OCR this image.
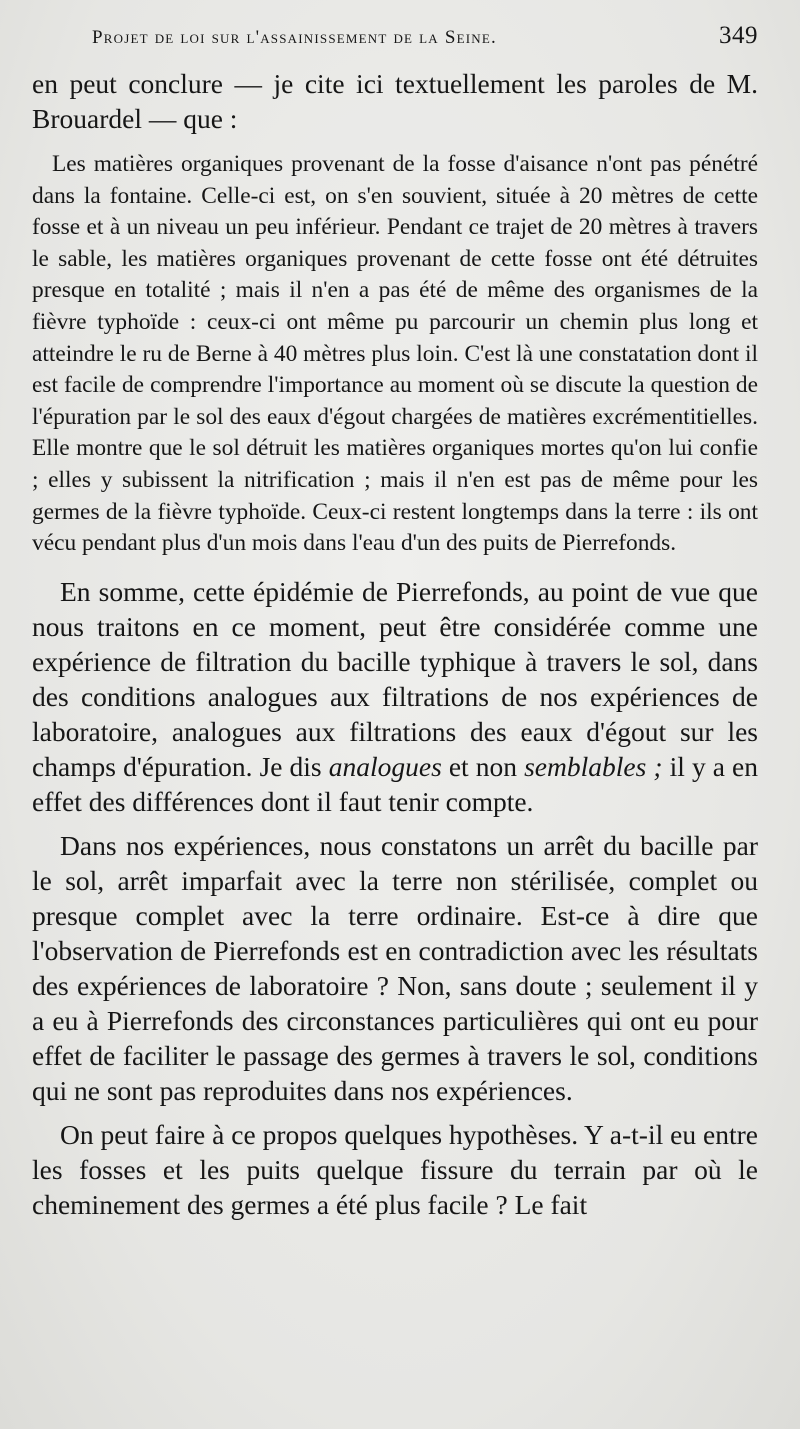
Projet de loi sur l'assainissement de la Seine.	349

en peut conclure — je cite ici textuellement les paroles de M. Brouardel — que :

Les matières organiques provenant de la fosse d'aisance n'ont pas pénétré dans la fontaine. Celle-ci est, on s'en souvient, située à 20 mètres de cette fosse et à un niveau un peu inférieur. Pendant ce trajet de 20 mètres à travers le sable, les matières organiques provenant de cette fosse ont été détruites presque en totalité ; mais il n'en a pas été de même des organismes de la fièvre typhoïde : ceux-ci ont même pu parcourir un chemin plus long et atteindre le ru de Berne à 40 mètres plus loin. C'est là une constatation dont il est facile de comprendre l'importance au moment où se discute la question de l'épuration par le sol des eaux d'égout chargées de matières excrémentitielles. Elle montre que le sol détruit les matières organiques mortes qu'on lui confie ; elles y subissent la nitrification ; mais il n'en est pas de même pour les germes de la fièvre typhoïde. Ceux-ci restent longtemps dans la terre : ils ont vécu pendant plus d'un mois dans l'eau d'un des puits de Pierrefonds.

En somme, cette épidémie de Pierrefonds, au point de vue que nous traitons en ce moment, peut être considérée comme une expérience de filtration du bacille typhique à travers le sol, dans des conditions analogues aux filtrations de nos expériences de laboratoire, analogues aux filtrations des eaux d'égout sur les champs d'épuration. Je dis analogues et non semblables ; il y a en effet des différences dont il faut tenir compte.

Dans nos expériences, nous constatons un arrêt du bacille par le sol, arrêt imparfait avec la terre non stérilisée, complet ou presque complet avec la terre ordinaire. Est-ce à dire que l'observation de Pierrefonds est en contradiction avec les résultats des expériences de laboratoire ? Non, sans doute ; seulement il y a eu à Pierrefonds des circonstances particulières qui ont eu pour effet de faciliter le passage des germes à travers le sol, conditions qui ne sont pas reproduites dans nos expériences.

On peut faire à ce propos quelques hypothèses. Y a-t-il eu entre les fosses et les puits quelque fissure du terrain par où le cheminement des germes a été plus facile ? Le fait
